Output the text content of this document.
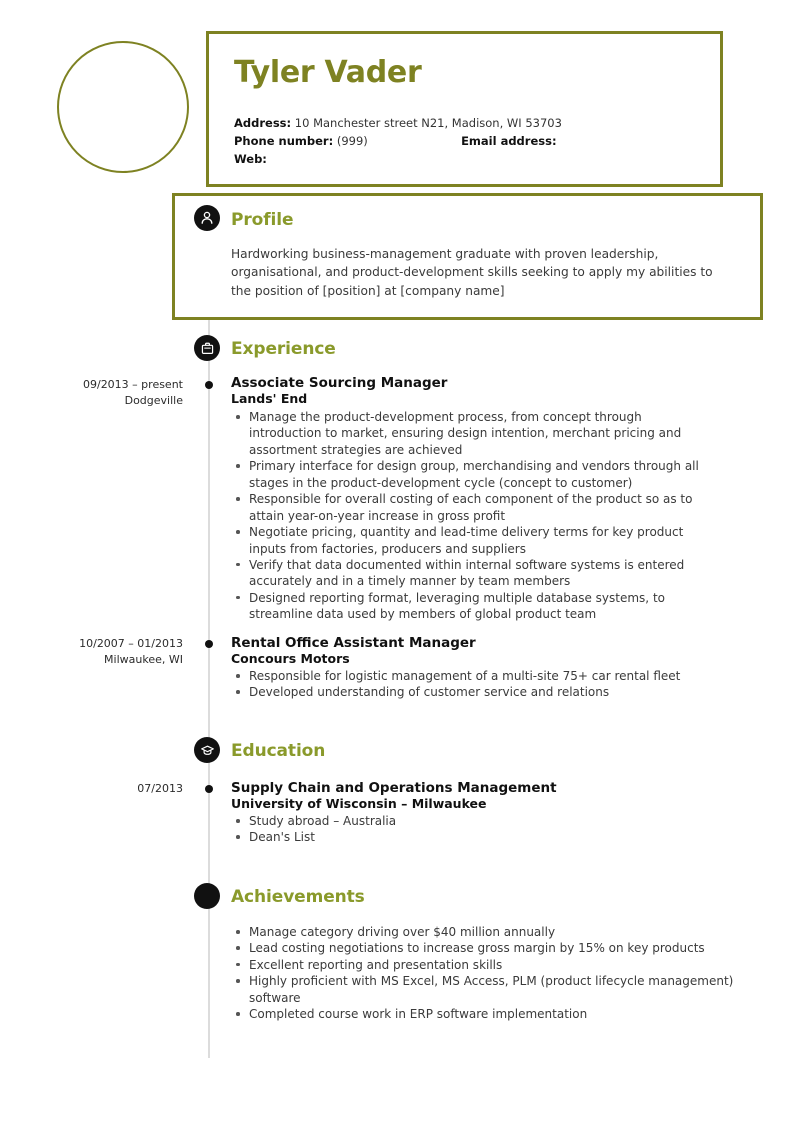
Tyler Vader
Address: 10 Manchester street N21, Madison, WI 53703
Phone number: (999)	Email address:
Web:
Profile
Hardworking business-management graduate with proven leadership, organisational, and product-development skills seeking to apply my abilities to the position of [position] at [company name]
Experience
09/2013 – present
Dodgeville
Associate Sourcing Manager
Lands' End
Manage the product-development process, from concept through introduction to market, ensuring design intention, merchant pricing and assortment strategies are achieved
Primary interface for design group, merchandising and vendors through all stages in the product-development cycle (concept to customer)
Responsible for overall costing of each component of the product so as to attain year-on-year increase in gross profit
Negotiate pricing, quantity and lead-time delivery terms for key product inputs from factories, producers and suppliers
Verify that data documented within internal software systems is entered accurately and in a timely manner by team members
Designed reporting format, leveraging multiple database systems, to streamline data used by members of global product team
10/2007 – 01/2013
Milwaukee, WI
Rental Office Assistant Manager
Concours Motors
Responsible for logistic management of a multi-site 75+ car rental fleet
Developed understanding of customer service and relations
Education
07/2013	Supply Chain and Operations Management
University of Wisconsin – Milwaukee
Study abroad – Australia
Dean's List
Achievements
Manage category driving over $40 million annually
Lead costing negotiations to increase gross margin by 15% on key products
Excellent reporting and presentation skills
Highly proficient with MS Excel, MS Access, PLM (product lifecycle management) software
Completed course work in ERP software implementation
